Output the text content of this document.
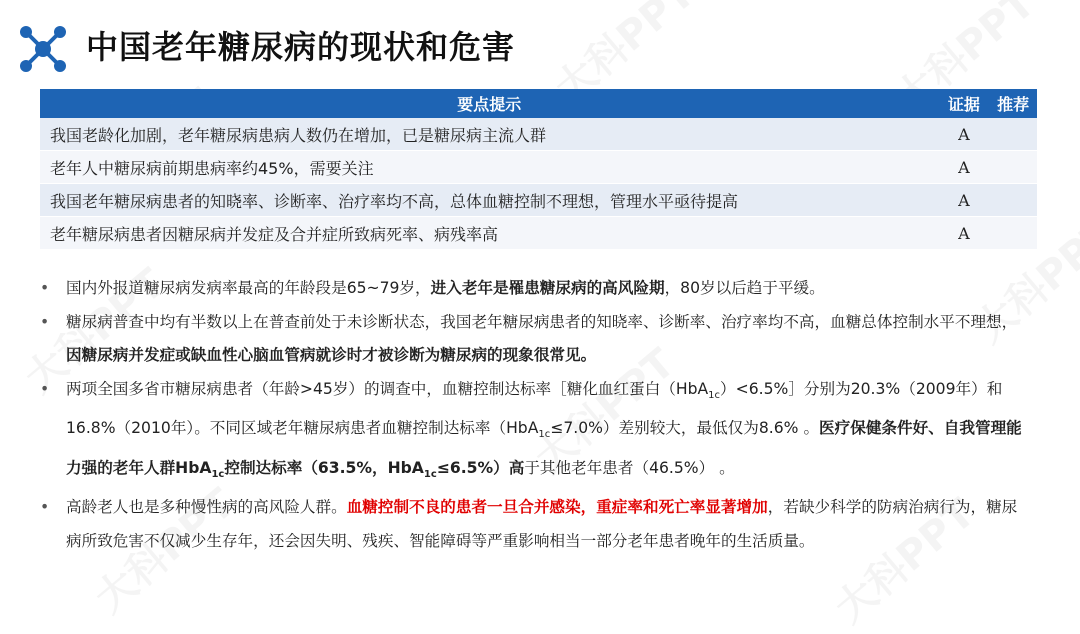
中国老年糖尿病的现状和危害
要点提示	证据	推荐
我国老龄化加剧，老年糖尿病患病人数仍在增加，已是糖尿病主流人群	A	
老年人中糖尿病前期患病率约45%，需要关注	A	
我国老年糖尿病患者的知晓率、诊断率、治疗率均不高，总体血糖控制不理想，管理水平亟待提高	A	
老年糖尿病患者因糖尿病并发症及合并症所致病死率、病残率高	A	
• 国内外报道糖尿病发病率最高的年龄段是65~79岁，进入老年是罹患糖尿病的高风险期，80岁以后趋于平缓。
• 糖尿病普查中均有半数以上在普查前处于未诊断状态，我国老年糖尿病患者的知晓率、诊断率、治疗率均不高，血糖总体控制水平不理想，因糖尿病并发症或缺血性心脑血管病就诊时才被诊断为糖尿病的现象很常见。
• 两项全国多省市糖尿病患者（年龄>45岁）的调查中，血糖控制达标率［糖化血红蛋白（HbA$_{1c}$）<6.5%］分别为20.3%（2009年）和16.8%（2010年）。不同区域老年糖尿病患者血糖控制达标率（HbA$_{1c}$≤7.0%）差别较大，最低仅为8.6% 。医疗保健条件好、自我管理能力强的老年人群HbA$_{1c}$控制达标率（63.5%，HbA$_{1c}$≤6.5%）高于其他老年患者（46.5%） 。
• 高龄老人也是多种慢性病的高风险人群。血糖控制不良的患者一旦合并感染，重症率和死亡率显著增加，若缺少科学的防病治病行为，糖尿病所致危害不仅减少生存年，还会因失明、残疾、智能障碍等严重影响相当一部分老年患者晚年的生活质量。
